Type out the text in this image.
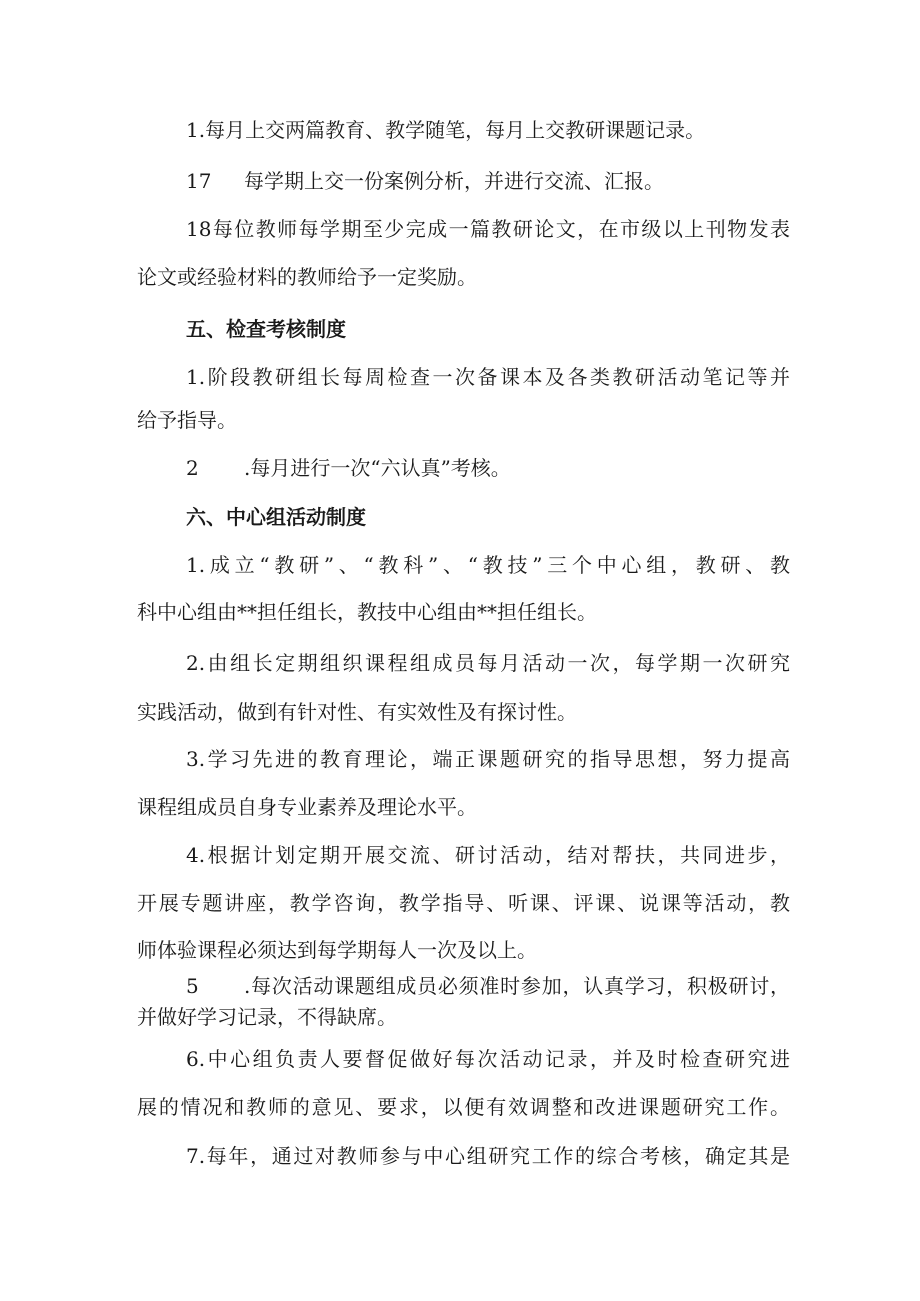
1.每月上交两篇教育、教学随笔，每月上交教研课题记录。
17 每学期上交一份案例分析，并进行交流、汇报。
18每位教师每学期至少完成一篇教研论文，在市级以上刊物发表
论文或经验材料的教师给予一定奖励。
五、检查考核制度
1.阶段教研组长每周检查一次备课本及各类教研活动笔记等并
给予指导。
2 .每月进行一次“六认真”考核。
六、中心组活动制度
1.成立“教研”、“教科”、“教技”三个中心组，教研、教
科中心组由**担任组长，教技中心组由**担任组长。
2.由组长定期组织课程组成员每月活动一次，每学期一次研究
实践活动，做到有针对性、有实效性及有探讨性。
3.学习先进的教育理论，端正课题研究的指导思想，努力提高
课程组成员自身专业素养及理论水平。
4.根据计划定期开展交流、研讨活动，结对帮扶，共同进步，
开展专题讲座，教学咨询，教学指导、听课、评课、说课等活动，教
师体验课程必须达到每学期每人一次及以上。
5 .每次活动课题组成员必须准时参加，认真学习，积极研讨，
并做好学习记录，不得缺席。
6.中心组负责人要督促做好每次活动记录，并及时检查研究进
展的情况和教师的意见、要求，以便有效调整和改进课题研究工作。
7.每年，通过对教师参与中心组研究工作的综合考核，确定其是
